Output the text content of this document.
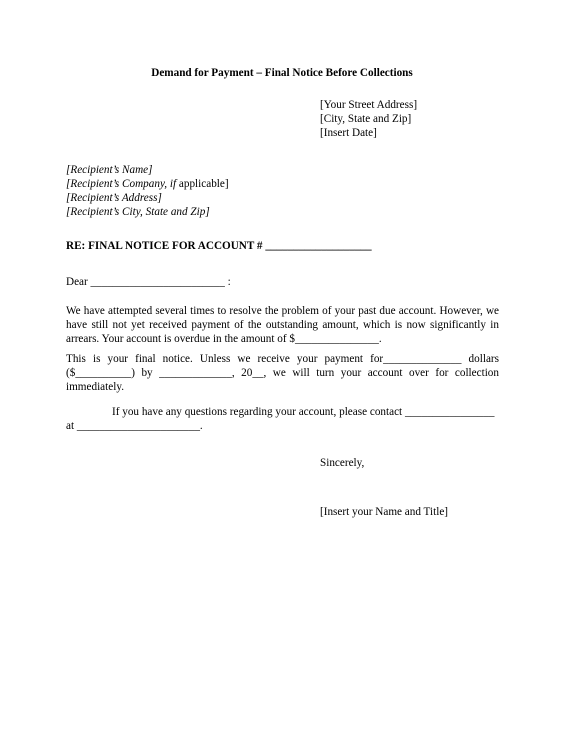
Demand for Payment – Final Notice Before Collections
[Your Street Address]
[City, State and Zip]
[Insert Date]
[Recipient’s Name]
[Recipient’s Company, if applicable]
[Recipient’s Address]
[Recipient’s City, State and Zip]
RE: FINAL NOTICE FOR ACCOUNT # ___________________
Dear ________________________ :
We have attempted several times to resolve the problem of your past due account. However, we have still not yet received payment of the outstanding amount, which is now significantly in arrears. Your account is overdue in the amount of $_______________.
This is your final notice. Unless we receive your payment for______________ dollars ($__________) by _____________, 20__, we will turn your account over for collection immediately.
If you have any questions regarding your account, please contact ________________
at ______________________.
Sincerely,
[Insert your Name and Title]
